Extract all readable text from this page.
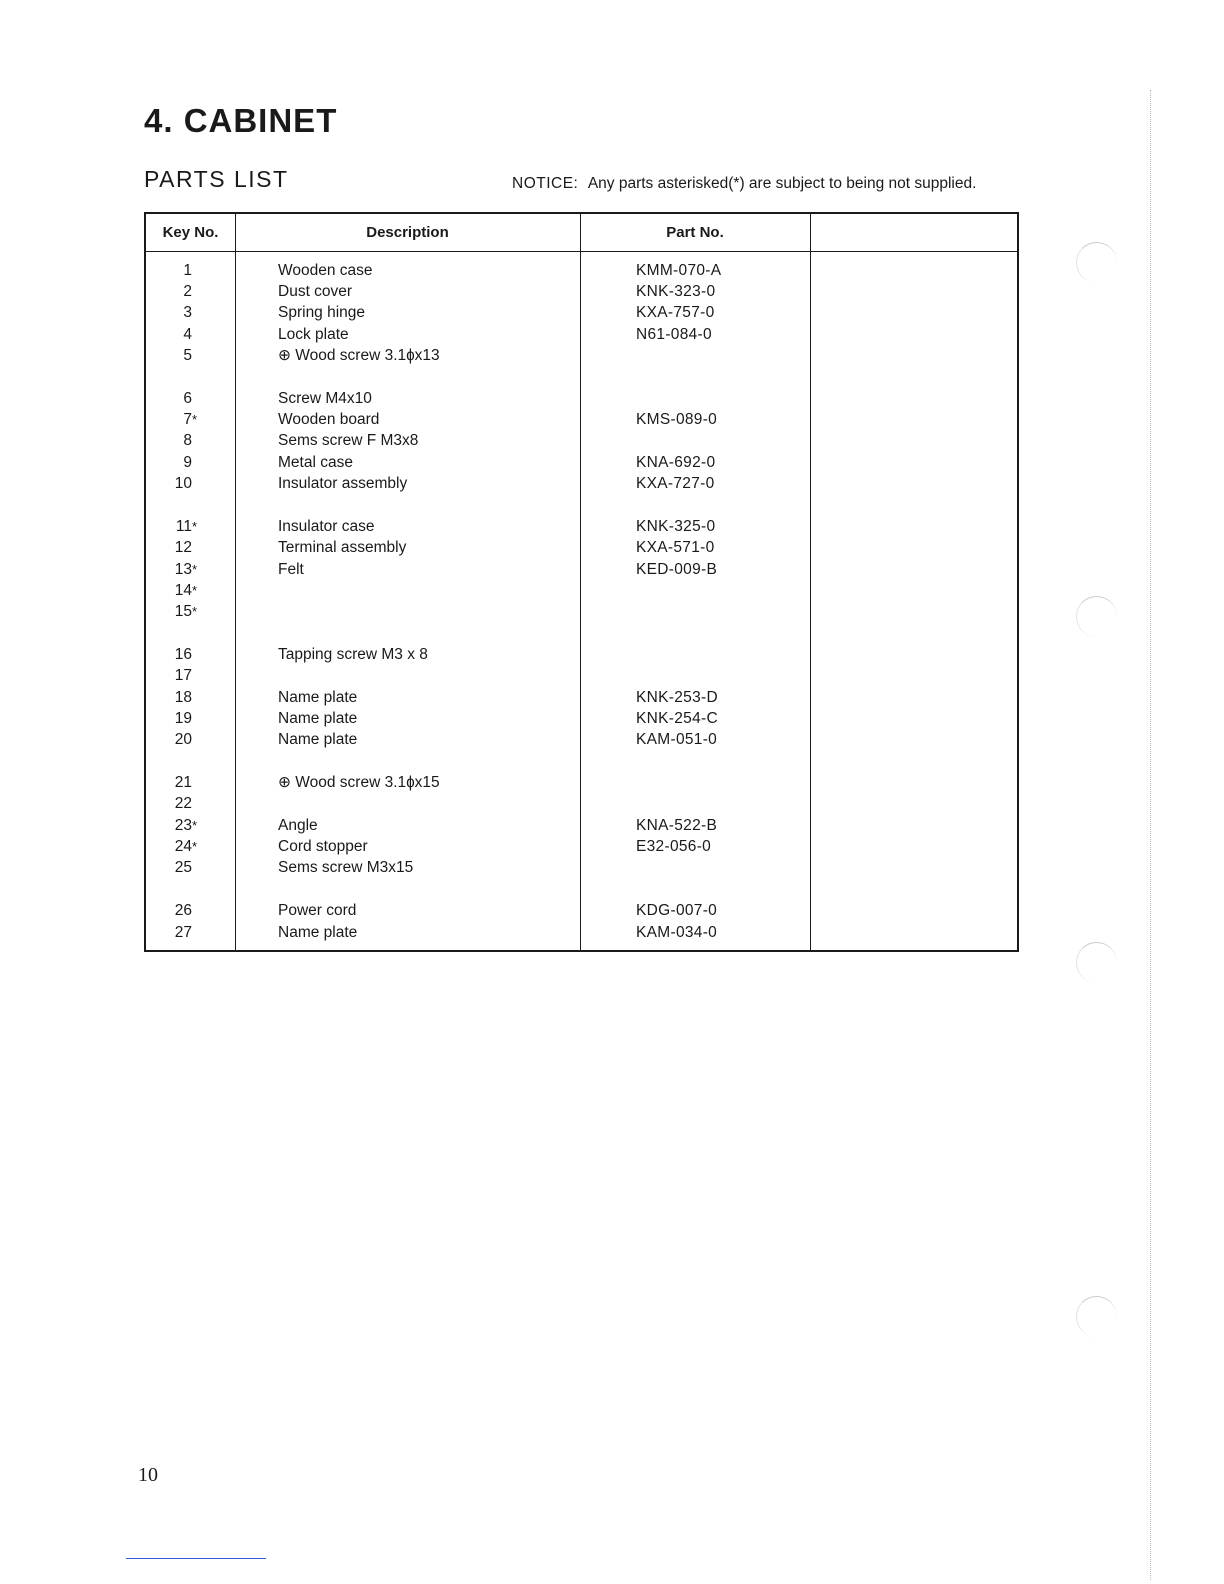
4. CABINET
PARTS LIST	NOTICE: Any parts asterisked(*) are subject to being not supplied.
Key No.	Description	Part No.
1	Wooden case	KMM-070-A
2	Dust cover	KNK-323-0
3	Spring hinge	KXA-757-0
4	Lock plate	N61-084-0
5	⊕ Wood screw 3.1ɸx13
6	Screw M4x10
7*	Wooden board	KMS-089-0
8	Sems screw F M3x8
9	Metal case	KNA-692-0
10	Insulator assembly	KXA-727-0
11*	Insulator case	KNK-325-0
12	Terminal assembly	KXA-571-0
13*	Felt	KED-009-B
14*
15*
16	Tapping screw M3 x 8
17
18	Name plate	KNK-253-D
19	Name plate	KNK-254-C
20	Name plate	KAM-051-0
21	⊕ Wood screw 3.1ɸx15
22
23*	Angle	KNA-522-B
24*	Cord stopper	E32-056-0
25	Sems screw M3x15
26	Power cord	KDG-007-0
27	Name plate	KAM-034-0
10
